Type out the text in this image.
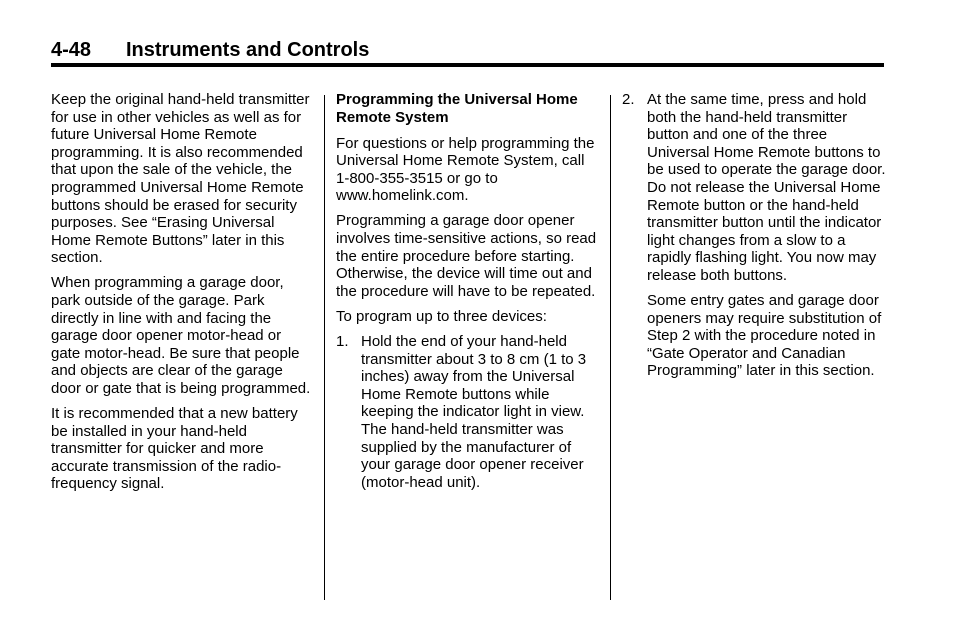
4-48 Instruments and Controls

Keep the original hand-held transmitter for use in other vehicles as well as for future Universal Home Remote programming. It is also recommended that upon the sale of the vehicle, the programmed Universal Home Remote buttons should be erased for security purposes. See “Erasing Universal Home Remote Buttons” later in this section.

When programming a garage door, park outside of the garage. Park directly in line with and facing the garage door opener motor-head or gate motor-head. Be sure that people and objects are clear of the garage door or gate that is being programmed.

It is recommended that a new battery be installed in your hand-held transmitter for quicker and more accurate transmission of the radio-frequency signal.

Programming the Universal Home Remote System

For questions or help programming the Universal Home Remote System, call 1-800-355-3515 or go to www.homelink.com.

Programming a garage door opener involves time-sensitive actions, so read the entire procedure before starting. Otherwise, the device will time out and the procedure will have to be repeated.

To program up to three devices:

1. Hold the end of your hand-held transmitter about 3 to 8 cm (1 to 3 inches) away from the Universal Home Remote buttons while keeping the indicator light in view. The hand-held transmitter was supplied by the manufacturer of your garage door opener receiver (motor-head unit).
2. At the same time, press and hold both the hand-held transmitter button and one of the three Universal Home Remote buttons to be used to operate the garage door. Do not release the Universal Home Remote button or the hand-held transmitter button until the indicator light changes from a slow to a rapidly flashing light. You now may release both buttons.

Some entry gates and garage door openers may require substitution of Step 2 with the procedure noted in “Gate Operator and Canadian Programming” later in this section.
